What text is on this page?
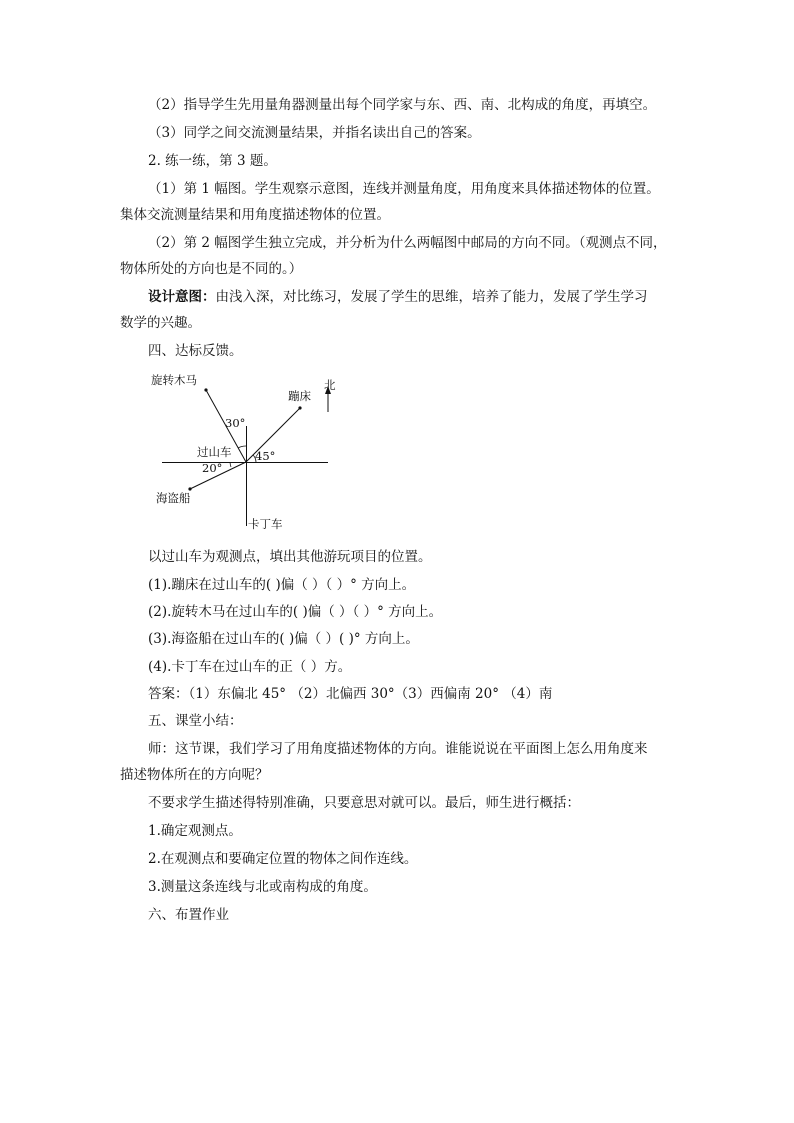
（2）指导学生先用量角器测量出每个同学家与东、西、南、北构成的角度，再填空。
（3）同学之间交流测量结果，并指名读出自己的答案。
2. 练一练，第 3 题。
（1）第 1 幅图。学生观察示意图，连线并测量角度，用角度来具体描述物体的位置。
集体交流测量结果和用角度描述物体的位置。
（2）第 2 幅图学生独立完成，并分析为什么两幅图中邮局的方向不同。（观测点不同，
物体所处的方向也是不同的。）
设计意图：由浅入深，对比练习，发展了学生的思维，培养了能力，发展了学生学习
数学的兴趣。
四、达标反馈。
旋转木马
蹦床
北
30°
过山车 45°
20°
海盗船
卡丁车
以过山车为观测点，填出其他游玩项目的位置。
(1).蹦床在过山车的( )偏（ ）（ ）° 方向上。
(2).旋转木马在过山车的( )偏（ ）（ ）° 方向上。
(3).海盗船在过山车的( )偏（ ）( )° 方向上。
(4).卡丁车在过山车的正（ ）方。
答案：（1）东偏北 45° （2）北偏西 30°（3）西偏南 20° （4）南
五、课堂小结：
师：这节课，我们学习了用角度描述物体的方向。谁能说说在平面图上怎么用角度来
描述物体所在的方向呢？
不要求学生描述得特别准确，只要意思对就可以。最后，师生进行概括：
1.确定观测点。
2.在观测点和要确定位置的物体之间作连线。
3.测量这条连线与北或南构成的角度。
六、布置作业
